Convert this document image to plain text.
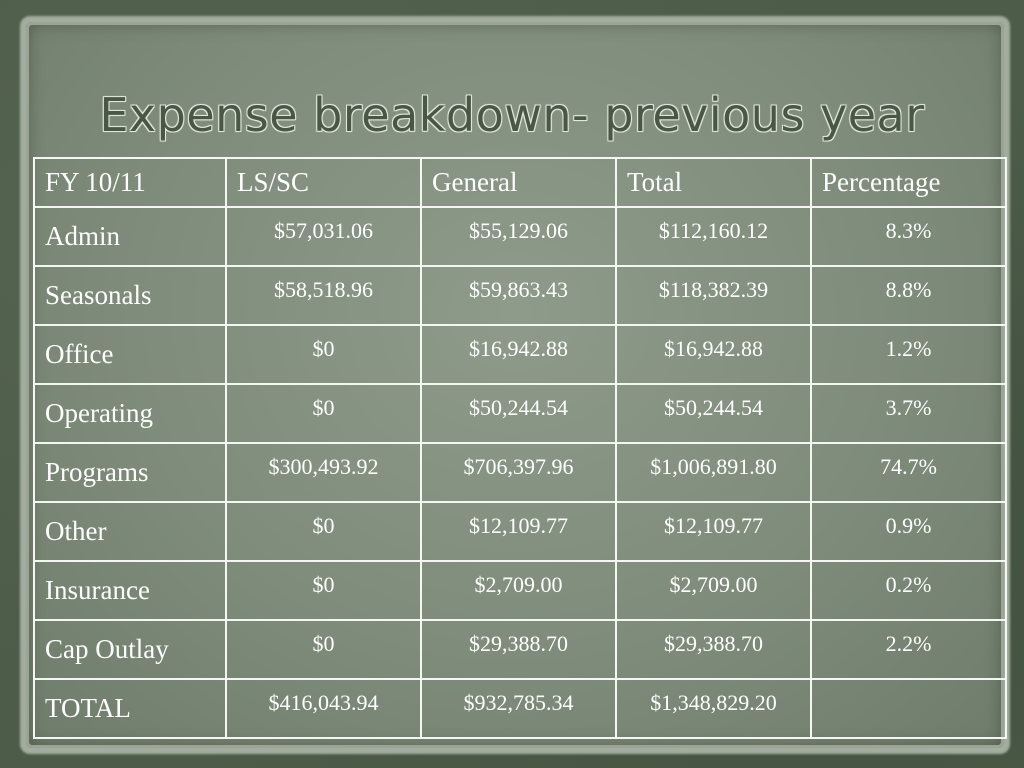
Expense breakdown- previous year
FY 10/11	LS/SC	General	Total	Percentage
Admin	$57,031.06	$55,129.06	$112,160.12	8.3%
Seasonals	$58,518.96	$59,863.43	$118,382.39	8.8%
Office	$0	$16,942.88	$16,942.88	1.2%
Operating	$0	$50,244.54	$50,244.54	3.7%
Programs	$300,493.92	$706,397.96	$1,006,891.80	74.7%
Other	$0	$12,109.77	$12,109.77	0.9%
Insurance	$0	$2,709.00	$2,709.00	0.2%
Cap Outlay	$0	$29,388.70	$29,388.70	2.2%
TOTAL	$416,043.94	$932,785.34	$1,348,829.20	
